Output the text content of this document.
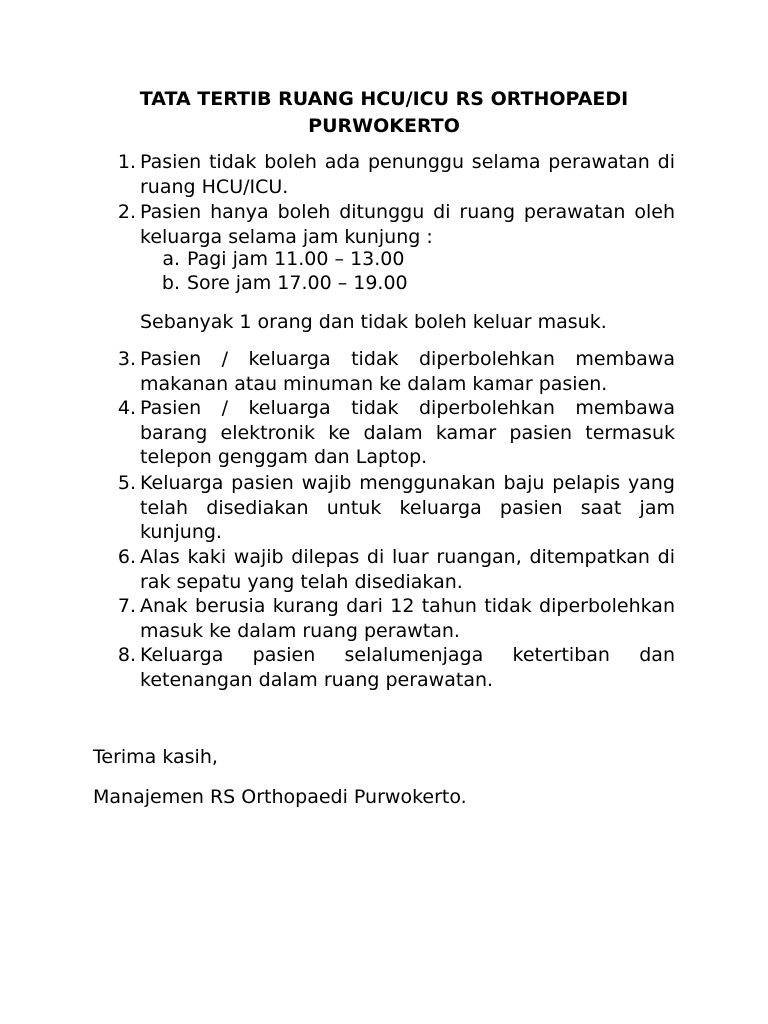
TATA TERTIB RUANG HCU/ICU RS ORTHOPAEDI PURWOKERTO
1. Pasien tidak boleh ada penunggu selama perawatan di ruang HCU/ICU.
2. Pasien hanya boleh ditunggu di ruang perawatan oleh keluarga selama jam kunjung :
a. Pagi jam 11.00 – 13.00
b. Sore jam 17.00 – 19.00
Sebanyak 1 orang dan tidak boleh keluar masuk.
3. Pasien / keluarga tidak diperbolehkan membawa makanan atau minuman ke dalam kamar pasien.
4. Pasien / keluarga tidak diperbolehkan membawa barang elektronik ke dalam kamar pasien termasuk telepon genggam dan Laptop.
5. Keluarga pasien wajib menggunakan baju pelapis yang telah disediakan untuk keluarga pasien saat jam kunjung.
6. Alas kaki wajib dilepas di luar ruangan, ditempatkan di rak sepatu yang telah disediakan.
7. Anak berusia kurang dari 12 tahun tidak diperbolehkan masuk ke dalam ruang perawtan.
8. Keluarga pasien selalumenjaga ketertiban dan ketenangan dalam ruang perawatan.
Terima kasih,
Manajemen RS Orthopaedi Purwokerto.
